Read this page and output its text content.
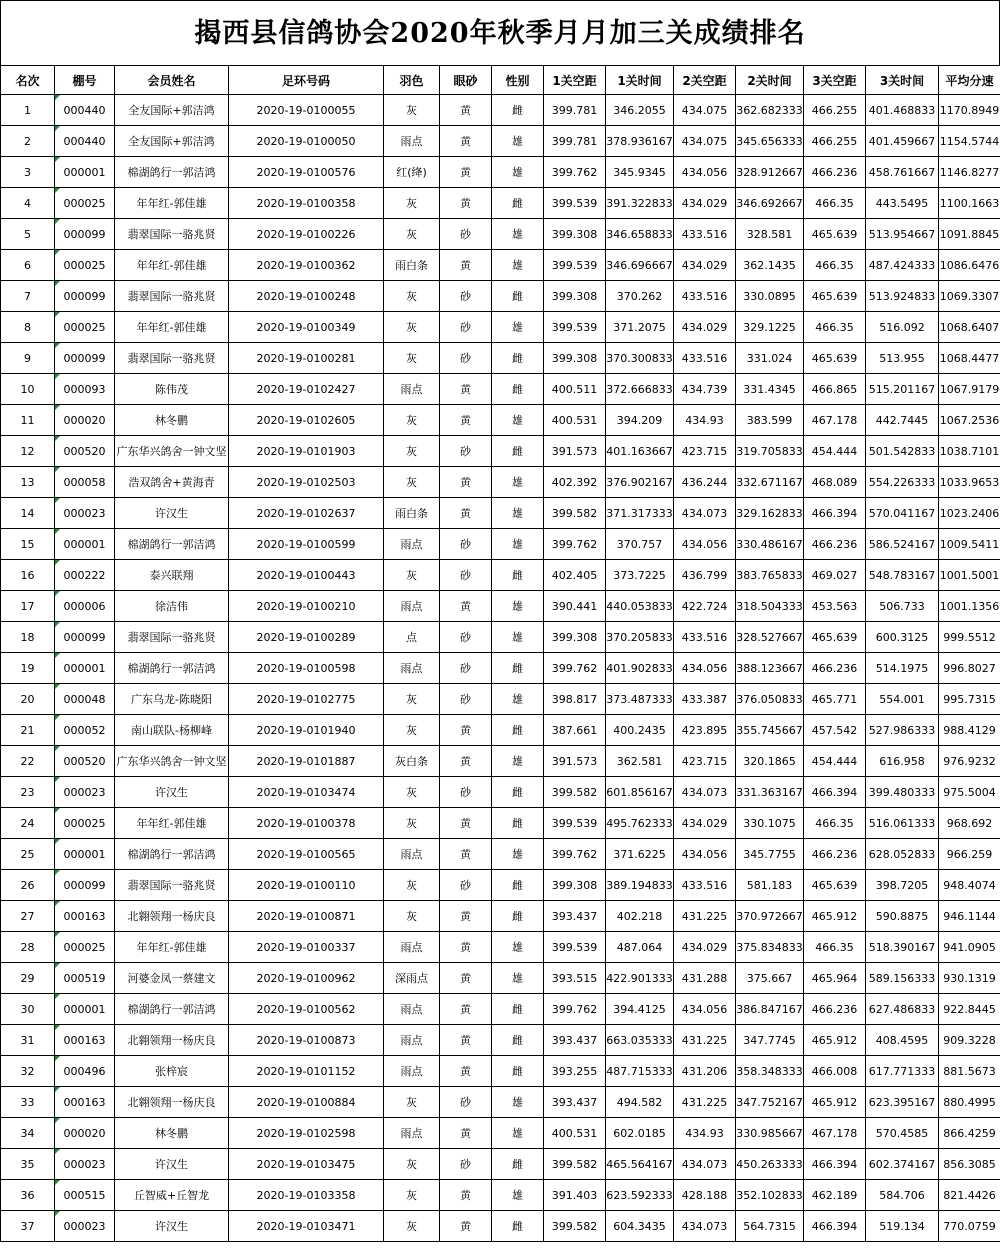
揭西县信鸽协会2020年秋季月月加三关成绩排名
名次	棚号	会员姓名	足环号码	羽色	眼砂	性别	1关空距	1关时间	2关空距	2关时间	3关空距	3关时间	平均分速
1	000440	全友国际+郭洁鸿	2020-19-0100055	灰	黄	雌	399.781	346.2055	434.075	362.682333	466.255	401.468833	1170.8949
2	000440	全友国际+郭洁鸿	2020-19-0100050	雨点	黄	雄	399.781	378.936167	434.075	345.656333	466.255	401.459667	1154.5744
3	000001	棉湖鸽行一郭洁鸿	2020-19-0100576	红(绛)	黄	雄	399.762	345.9345	434.056	328.912667	466.236	458.761667	1146.8277
4	000025	年年红-郭佳雄	2020-19-0100358	灰	黄	雌	399.539	391.322833	434.029	346.692667	466.35	443.5495	1100.1663
5	000099	翡翠国际一骆兆贤	2020-19-0100226	灰	砂	雄	399.308	346.658833	433.516	328.581	465.639	513.954667	1091.8845
6	000025	年年红-郭佳雄	2020-19-0100362	雨白条	黄	雄	399.539	346.696667	434.029	362.1435	466.35	487.424333	1086.6476
7	000099	翡翠国际一骆兆贤	2020-19-0100248	灰	砂	雌	399.308	370.262	433.516	330.0895	465.639	513.924833	1069.3307
8	000025	年年红-郭佳雄	2020-19-0100349	灰	砂	雄	399.539	371.2075	434.029	329.1225	466.35	516.092	1068.6407
9	000099	翡翠国际一骆兆贤	2020-19-0100281	灰	砂	雌	399.308	370.300833	433.516	331.024	465.639	513.955	1068.4477
10	000093	陈伟茂	2020-19-0102427	雨点	黄	雌	400.511	372.666833	434.739	331.4345	466.865	515.201167	1067.9179
11	000020	林冬鹏	2020-19-0102605	灰	黄	雄	400.531	394.209	434.93	383.599	467.178	442.7445	1067.2536
12	000520	广东华兴鸽舍一钟文坚	2020-19-0101903	灰	砂	雌	391.573	401.163667	423.715	319.705833	454.444	501.542833	1038.7101
13	000058	浩双鸽舍+黄海青	2020-19-0102503	灰	黄	雄	402.392	376.902167	436.244	332.671167	468.089	554.226333	1033.9653
14	000023	许汉生	2020-19-0102637	雨白条	黄	雄	399.582	371.317333	434.073	329.162833	466.394	570.041167	1023.2406
15	000001	棉湖鸽行一郭洁鸿	2020-19-0100599	雨点	砂	雄	399.762	370.757	434.056	330.486167	466.236	586.524167	1009.5411
16	000222	泰兴联翔	2020-19-0100443	灰	砂	雌	402.405	373.7225	436.799	383.765833	469.027	548.783167	1001.5001
17	000006	徐洁伟	2020-19-0100210	雨点	黄	雄	390.441	440.053833	422.724	318.504333	453.563	506.733	1001.1356
18	000099	翡翠国际一骆兆贤	2020-19-0100289	点	砂	雄	399.308	370.205833	433.516	328.527667	465.639	600.3125	999.5512
19	000001	棉湖鸽行一郭洁鸿	2020-19-0100598	雨点	砂	雌	399.762	401.902833	434.056	388.123667	466.236	514.1975	996.8027
20	000048	广东乌龙-陈晓阳	2020-19-0102775	灰	砂	雄	398.817	373.487333	433.387	376.050833	465.771	554.001	995.7315
21	000052	南山联队-杨柳峰	2020-19-0101940	灰	黄	雌	387.661	400.2435	423.895	355.745667	457.542	527.986333	988.4129
22	000520	广东华兴鸽舍一钟文坚	2020-19-0101887	灰白条	黄	雄	391.573	362.581	423.715	320.1865	454.444	616.958	976.9232
23	000023	许汉生	2020-19-0103474	灰	砂	雌	399.582	601.856167	434.073	331.363167	466.394	399.480333	975.5004
24	000025	年年红-郭佳雄	2020-19-0100378	灰	黄	雌	399.539	495.762333	434.029	330.1075	466.35	516.061333	968.692
25	000001	棉湖鸽行一郭洁鸿	2020-19-0100565	雨点	黄	雄	399.762	371.6225	434.056	345.7755	466.236	628.052833	966.259
26	000099	翡翠国际一骆兆贤	2020-19-0100110	灰	砂	雌	399.308	389.194833	433.516	581.183	465.639	398.7205	948.4074
27	000163	北翱领翔一杨庆良	2020-19-0100871	灰	黄	雌	393.437	402.218	431.225	370.972667	465.912	590.8875	946.1144
28	000025	年年红-郭佳雄	2020-19-0100337	雨点	黄	雄	399.539	487.064	434.029	375.834833	466.35	518.390167	941.0905
29	000519	河婆金凤一蔡建文	2020-19-0100962	深雨点	黄	雄	393.515	422.901333	431.288	375.667	465.964	589.156333	930.1319
30	000001	棉湖鸽行一郭洁鸿	2020-19-0100562	雨点	黄	雌	399.762	394.4125	434.056	386.847167	466.236	627.486833	922.8445
31	000163	北翱领翔一杨庆良	2020-19-0100873	雨点	黄	雌	393.437	663.035333	431.225	347.7745	465.912	408.4595	909.3228
32	000496	张梓宸	2020-19-0101152	雨点	黄	雌	393.255	487.715333	431.206	358.348333	466.008	617.771333	881.5673
33	000163	北翱领翔一杨庆良	2020-19-0100884	灰	砂	雄	393.437	494.582	431.225	347.752167	465.912	623.395167	880.4995
34	000020	林冬鹏	2020-19-0102598	雨点	黄	雄	400.531	602.0185	434.93	330.985667	467.178	570.4585	866.4259
35	000023	许汉生	2020-19-0103475	灰	砂	雌	399.582	465.564167	434.073	450.263333	466.394	602.374167	856.3085
36	000515	丘智威+丘智龙	2020-19-0103358	灰	黄	雄	391.403	623.592333	428.188	352.102833	462.189	584.706	821.4426
37	000023	许汉生	2020-19-0103471	灰	黄	雌	399.582	604.3435	434.073	564.7315	466.394	519.134	770.0759
